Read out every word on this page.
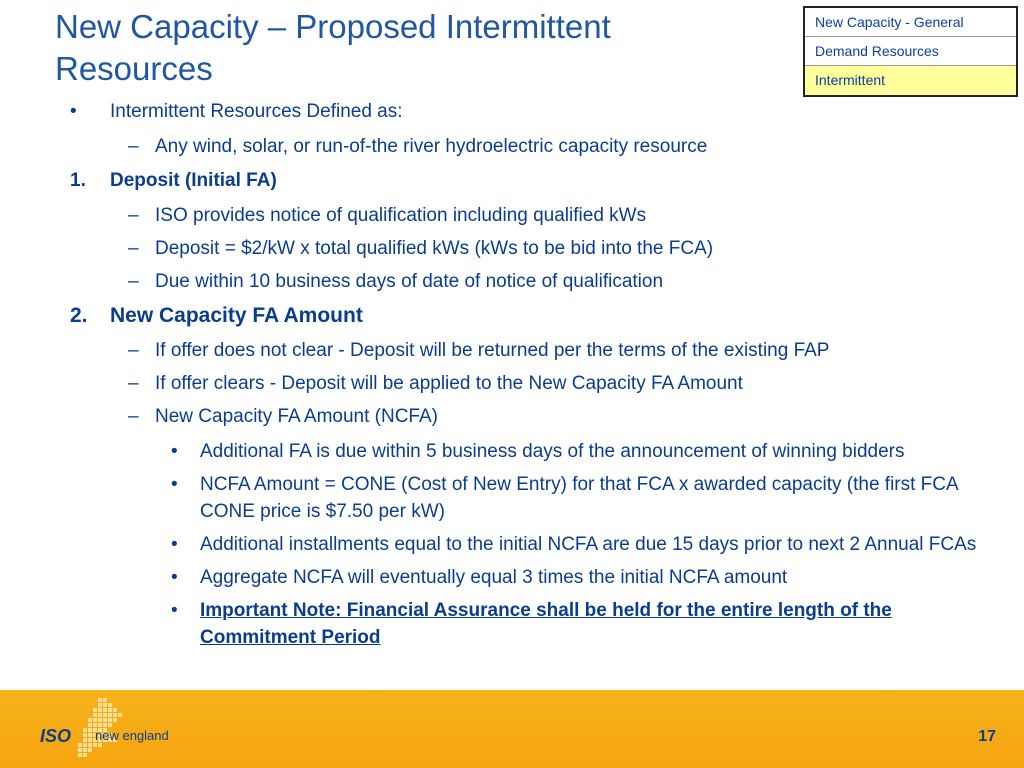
New Capacity – Proposed Intermittent Resources
New Capacity - General
Demand Resources
Intermittent
• Intermittent Resources Defined as:
– Any wind, solar, or run-of-the river hydroelectric capacity resource
1. Deposit (Initial FA)
– ISO provides notice of qualification including qualified kWs
– Deposit = $2/kW x total qualified kWs (kWs to be bid into the FCA)
– Due within 10 business days of date of notice of qualification
2. New Capacity FA Amount
– If offer does not clear - Deposit will be returned per the terms of the existing FAP
– If offer clears - Deposit will be applied to the New Capacity FA Amount
– New Capacity FA Amount (NCFA)
• Additional FA is due within 5 business days of the announcement of winning bidders
• NCFA Amount = CONE (Cost of New Entry) for that FCA x awarded capacity (the first FCA CONE price is $7.50 per kW)
• Additional installments equal to the initial NCFA are due 15 days prior to next 2 Annual FCAs
• Aggregate NCFA will eventually equal 3 times the initial NCFA amount
• Important Note: Financial Assurance shall be held for the entire length of the Commitment Period
ISO new england	17
